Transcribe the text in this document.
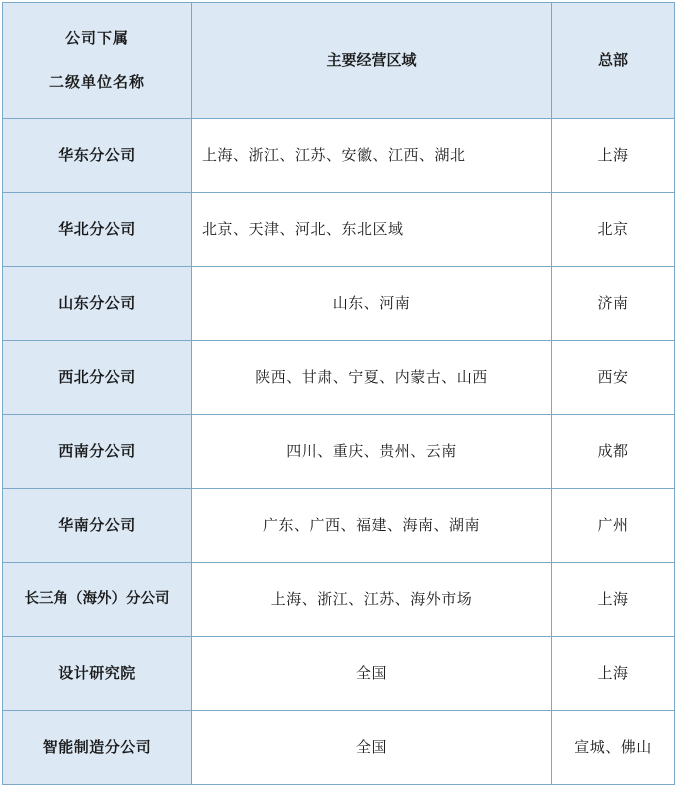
公司下属
二级单位名称	主要经营区域	总部
华东分公司	上海、浙江、江苏、安徽、江西、湖北	上海
华北分公司	北京、天津、河北、东北区域	北京
山东分公司	山东、河南	济南
西北分公司	陕西、甘肃、宁夏、内蒙古、山西	西安
西南分公司	四川、重庆、贵州、云南	成都
华南分公司	广东、广西、福建、海南、湖南	广州
长三角（海外）分公司	上海、浙江、江苏、海外市场	上海
设计研究院	全国	上海
智能制造分公司	全国	宣城、佛山
